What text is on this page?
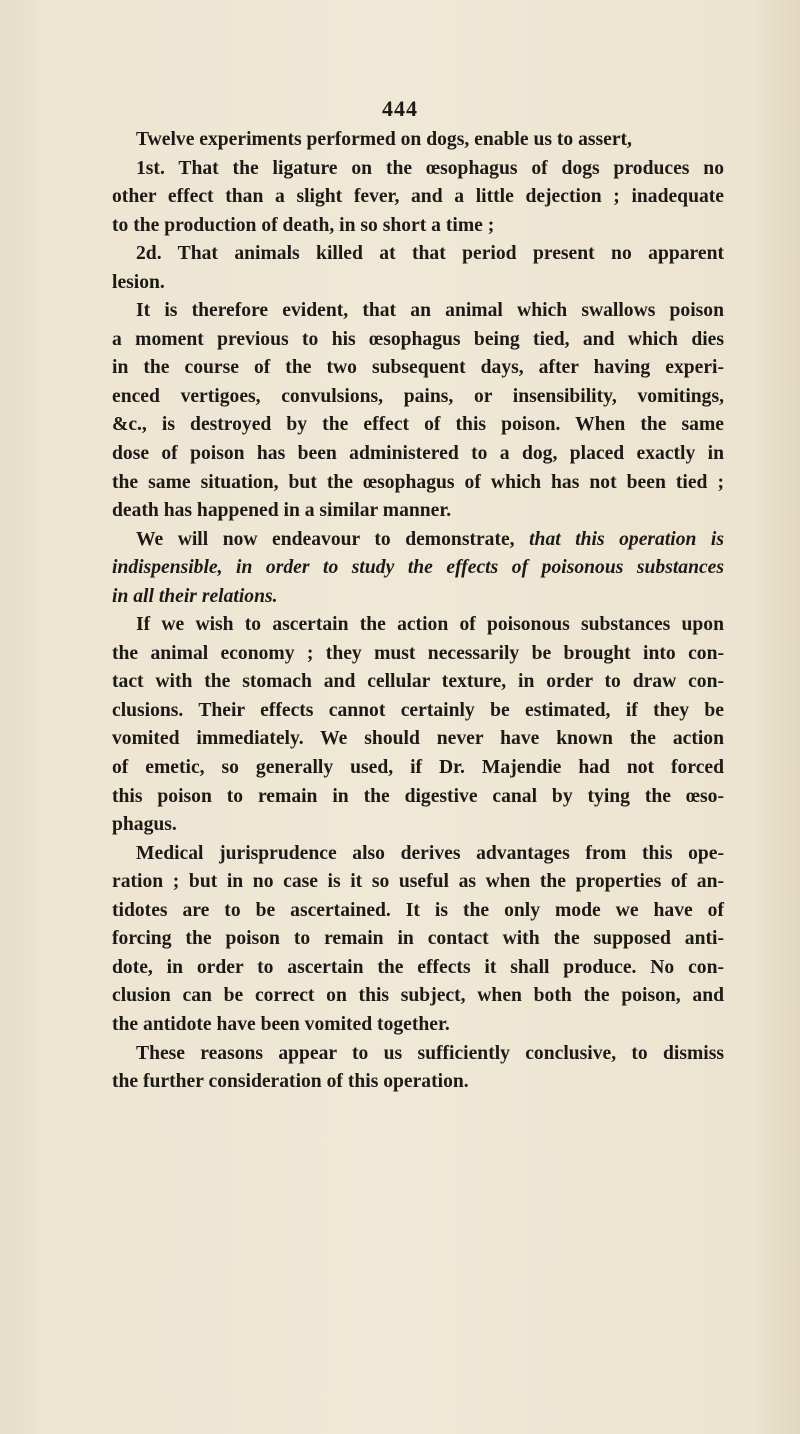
444
Twelve experiments performed on dogs, enable us to assert,
1st. That the ligature on the œsophagus of dogs produces no
other effect than a slight fever, and a little dejection ; inadequate
to the production of death, in so short a time ;
2d. That animals killed at that period present no apparent
lesion.
It is therefore evident, that an animal which swallows poison
a moment previous to his œsophagus being tied, and which dies
in the course of the two subsequent days, after having experi-
enced vertigoes, convulsions, pains, or insensibility, vomitings,
&c., is destroyed by the effect of this poison. When the same
dose of poison has been administered to a dog, placed exactly in
the same situation, but the œsophagus of which has not been tied ;
death has happened in a similar manner.
We will now endeavour to demonstrate, that this operation is
indispensible, in order to study the effects of poisonous substances
in all their relations.
If we wish to ascertain the action of poisonous substances upon
the animal economy ; they must necessarily be brought into con-
tact with the stomach and cellular texture, in order to draw con-
clusions. Their effects cannot certainly be estimated, if they be
vomited immediately. We should never have known the action
of emetic, so generally used, if Dr. Majendie had not forced
this poison to remain in the digestive canal by tying the œso-
phagus.
Medical jurisprudence also derives advantages from this ope-
ration ; but in no case is it so useful as when the properties of an-
tidotes are to be ascertained. It is the only mode we have of
forcing the poison to remain in contact with the supposed anti-
dote, in order to ascertain the effects it shall produce. No con-
clusion can be correct on this subject, when both the poison, and
the antidote have been vomited together.
These reasons appear to us sufficiently conclusive, to dismiss
the further consideration of this operation.
